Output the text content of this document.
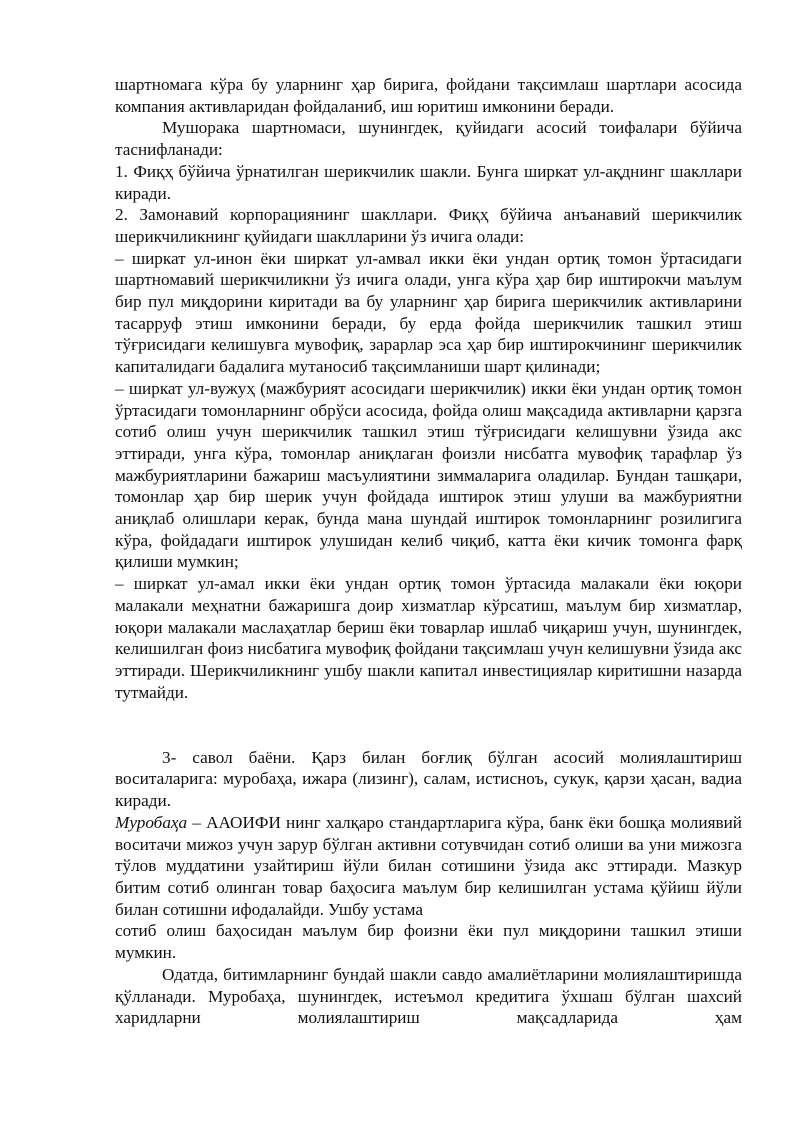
шартномага кўра бу уларнинг ҳар бирига, фойдани тақсимлаш шартлари асосида компания активларидан фойдаланиб, иш юритиш имконини беради.

Мушорака шартномаси, шунингдек, қуйидаги асосий тоифалари бўйича таснифланади:

1. Фиқҳ бўйича ўрнатилган шерикчилик шакли. Бунга ширкат ул-ақднинг шакллари киради.

2. Замонавий корпорациянинг шакллари. Фиқҳ бўйича анъанавий шерикчилик шерикчиликнинг қуйидаги шаклларини ўз ичига олади:

– ширкат ул-инон ёки ширкат ул-амвал икки ёки ундан ортиқ томон ўртасидаги шартномавий шерикчиликни ўз ичига олади, унга кўра ҳар бир иштирокчи маълум бир пул миқдорини киритади ва бу уларнинг ҳар бирига шерикчилик активларини тасарруф этиш имконини беради, бу ерда фойда шерикчилик ташкил этиш тўғрисидаги келишувга мувофиқ, зарарлар эса ҳар бир иштирокчининг шерикчилик капиталидаги бадалига мутаносиб тақсимланиши шарт қилинади;

– ширкат ул-вужуҳ (мажбурият асосидаги шерикчилик) икки ёки ундан ортиқ томон ўртасидаги томонларнинг обрўси асосида, фойда олиш мақсадида активларни қарзга сотиб олиш учун шерикчилик ташкил этиш тўғрисидаги келишувни ўзида акс эттиради, унга кўра, томонлар аниқлаган фоизли нисбатга мувофиқ тарафлар ўз мажбуриятларини бажариш масъулиятини зиммаларига оладилар. Бундан ташқари, томонлар ҳар бир шерик учун фойдада иштирок этиш улуши ва мажбуриятни аниқлаб олишлари керак, бунда мана шундай иштирок томонларнинг розилигига кўра, фойдадаги иштирок улушидан келиб чиқиб, катта ёки кичик томонга фарқ қилиши мумкин;

– ширкат ул-амал икки ёки ундан ортиқ томон ўртасида малакали ёки юқори малакали меҳнатни бажаришга доир хизматлар кўрсатиш, маълум бир хизматлар, юқори малакали маслаҳатлар бериш ёки товарлар ишлаб чиқариш учун, шунингдек, келишилган фоиз нисбатига мувофиқ фойдани тақсимлаш учун келишувни ўзида акс эттиради. Шерикчиликнинг ушбу шакли капитал инвестициялар киритишни назарда тутмайди.

3- савол баёни. Қарз билан боғлиқ бўлган асосий молиялаштириш воситаларига: муробаҳа, ижара (лизинг), салам, истисноъ, сукук, қарзи ҳасан, вадиа киради.

Муробаҳа – ААОИФИ нинг халқаро стандартларига кўра, банк ёки бошқа молиявий воситачи мижоз учун зарур бўлган активни сотувчидан сотиб олиши ва уни мижозга тўлов муддатини узайтириш йўли билан сотишини ўзида акс эттиради. Мазкур битим сотиб олинган товар баҳосига маълум бир келишилган устама қўйиш йўли билан сотишни ифодалайди. Ушбу устама

сотиб олиш баҳосидан маълум бир фоизни ёки пул миқдорини ташкил этиши мумкин.

Одатда, битимларнинг бундай шакли савдо амалиётларини молиялаштиришда қўлланади. Муробаҳа, шунингдек, истеъмол кредитига ўхшаш бўлган шахсий харидларни молиялаштириш мақсадларида ҳам
